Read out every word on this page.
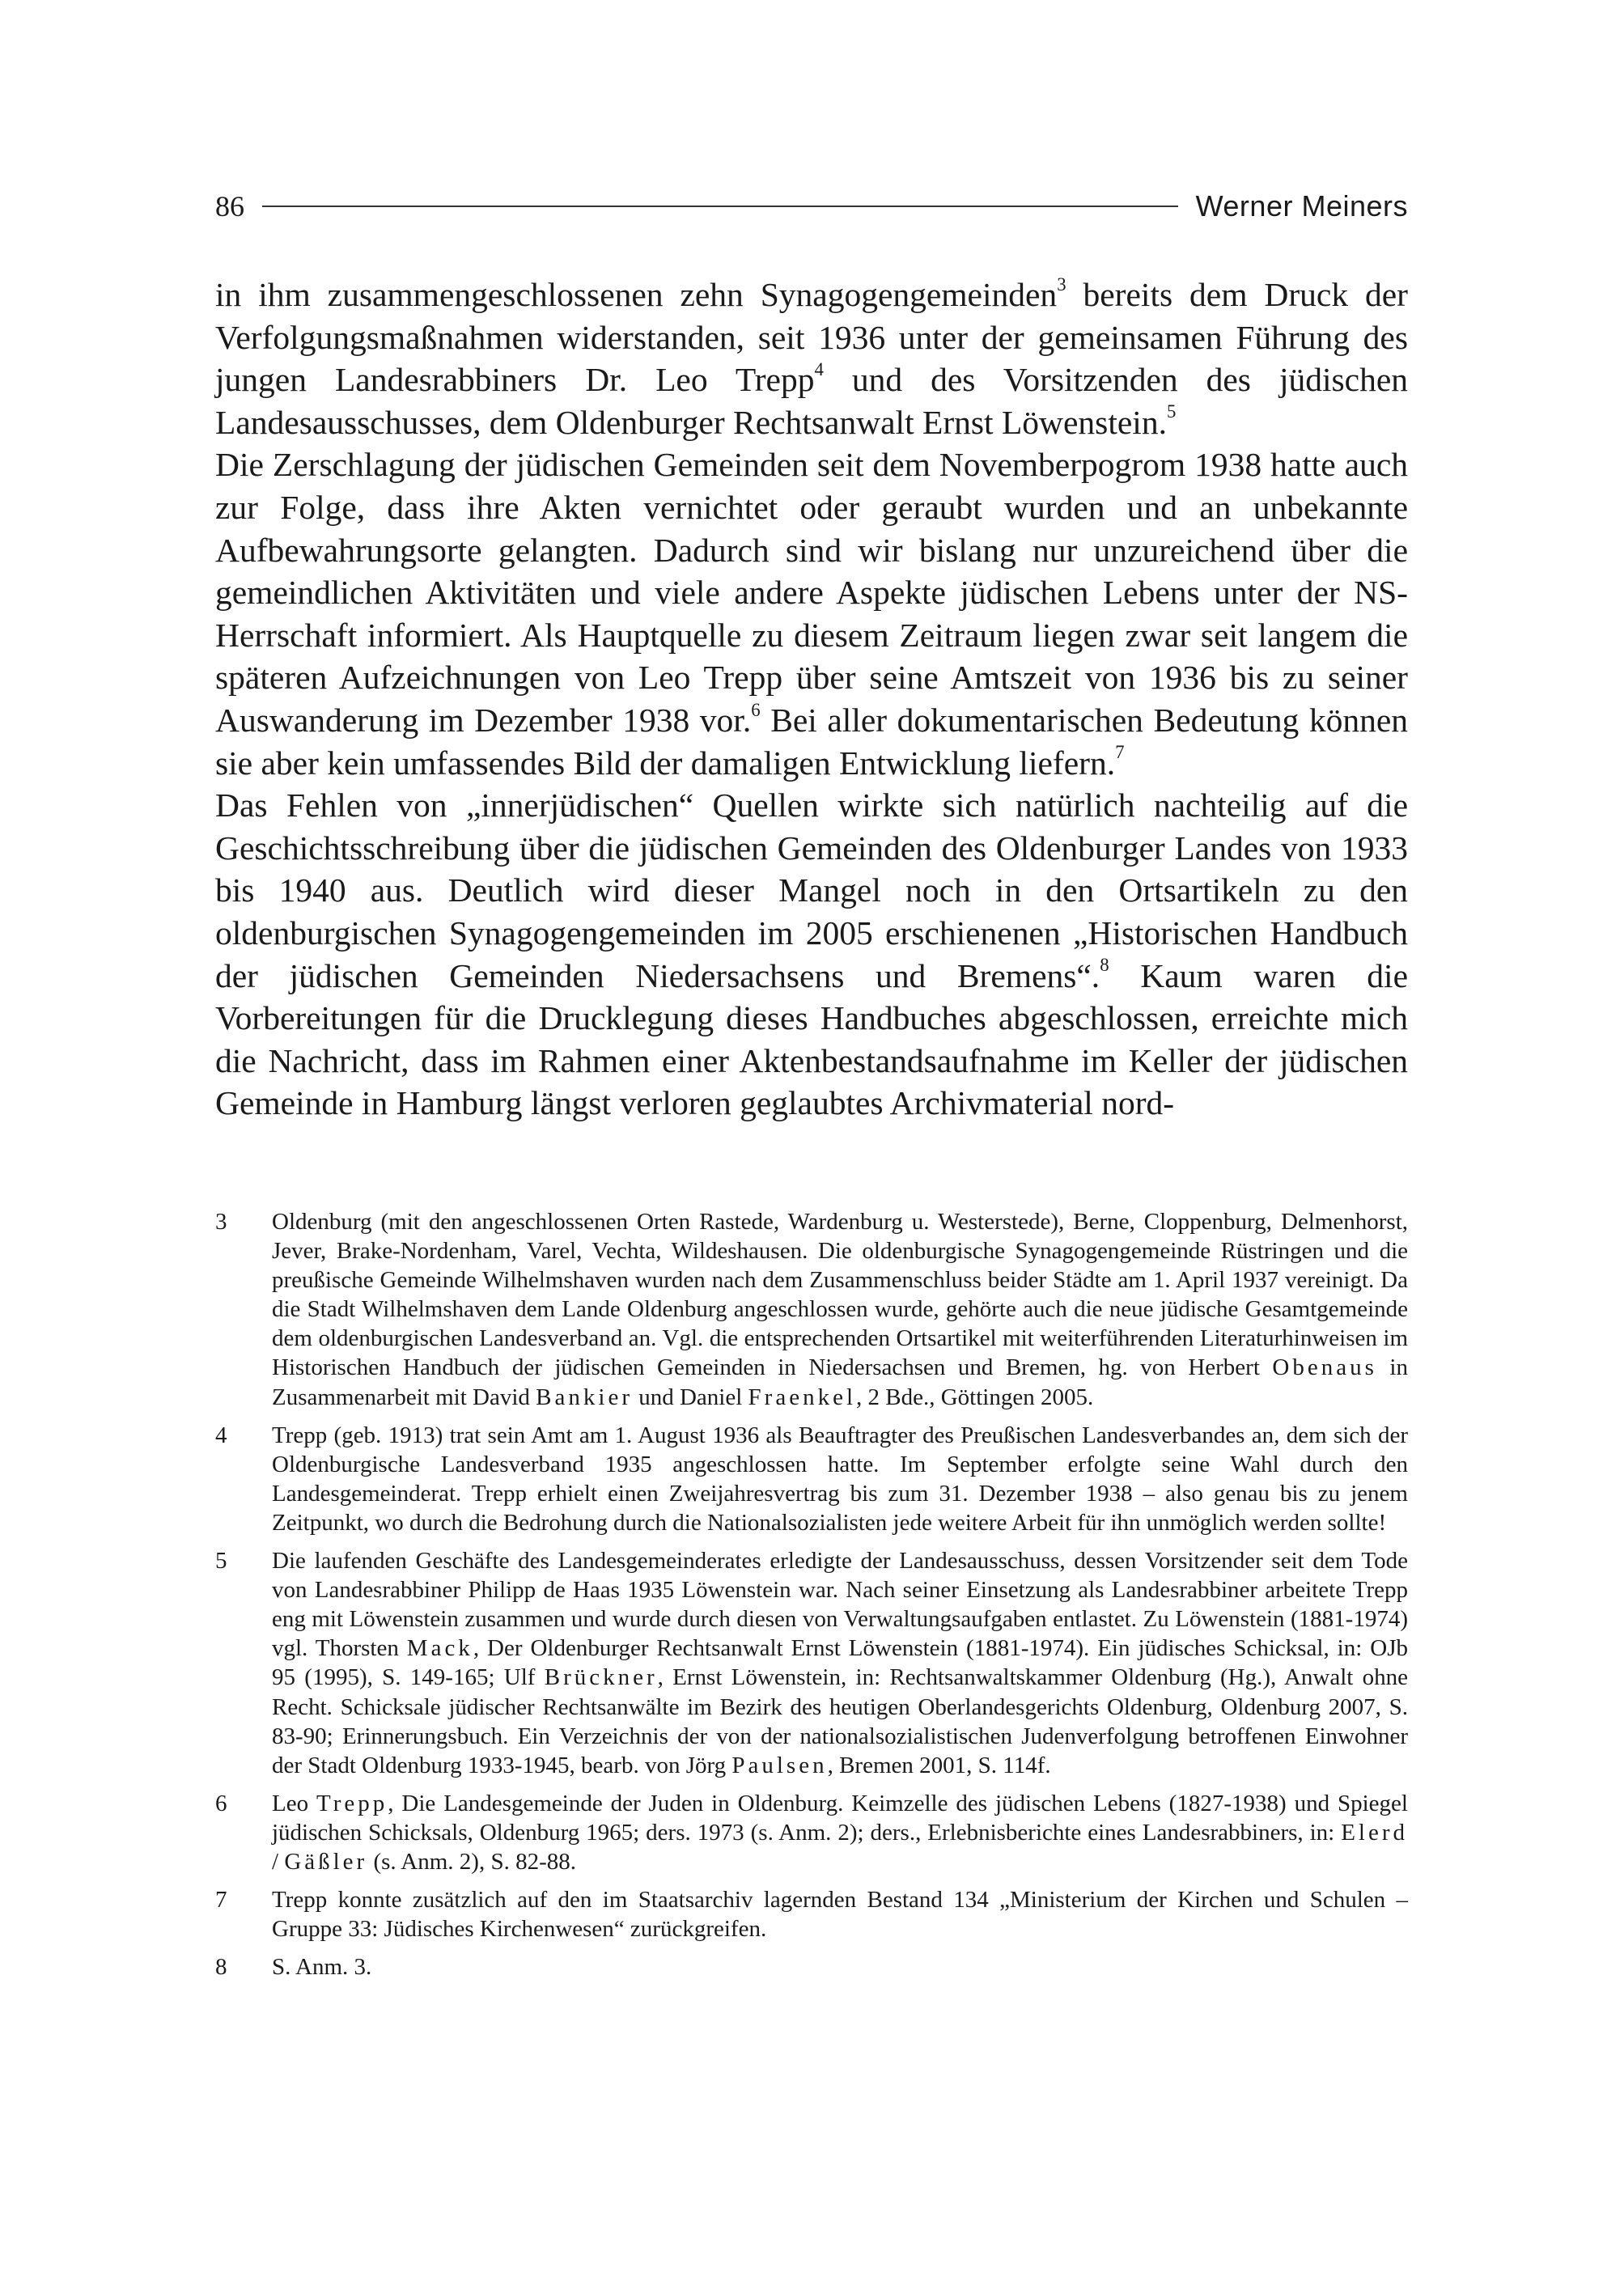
86	Werner Meiners

in ihm zusammengeschlossenen zehn Synagogengemeinden$^3$ bereits dem Druck der Verfolgungsmaßnahmen widerstanden, seit 1936 unter der gemeinsamen Führung des jungen Landesrabbiners Dr. Leo Trepp$^4$ und des Vorsitzenden des jüdischen Landesausschusses, dem Oldenburger Rechtsanwalt Ernst Löwenstein.$^5$

Die Zerschlagung der jüdischen Gemeinden seit dem Novemberpogrom 1938 hatte auch zur Folge, dass ihre Akten vernichtet oder geraubt wurden und an unbekannte Aufbewahrungsorte gelangten. Dadurch sind wir bislang nur unzureichend über die gemeindlichen Aktivitäten und viele andere Aspekte jüdischen Lebens unter der NS-Herrschaft informiert. Als Hauptquelle zu diesem Zeitraum liegen zwar seit langem die späteren Aufzeichnungen von Leo Trepp über seine Amtszeit von 1936 bis zu seiner Auswanderung im Dezember 1938 vor.$^6$ Bei aller dokumentarischen Bedeutung können sie aber kein umfassendes Bild der damaligen Entwicklung liefern.$^7$

Das Fehlen von „innerjüdischen“ Quellen wirkte sich natürlich nachteilig auf die Geschichtsschreibung über die jüdischen Gemeinden des Oldenburger Landes von 1933 bis 1940 aus. Deutlich wird dieser Mangel noch in den Ortsartikeln zu den oldenburgischen Synagogengemeinden im 2005 erschienenen „Historischen Handbuch der jüdischen Gemeinden Niedersachsens und Bremens“.$^8$ Kaum waren die Vorbereitungen für die Drucklegung dieses Handbuches abgeschlossen, erreichte mich die Nachricht, dass im Rahmen einer Aktenbestandsaufnahme im Keller der jüdischen Gemeinde in Hamburg längst verloren geglaubtes Archivmaterial nord-

3	Oldenburg (mit den angeschlossenen Orten Rastede, Wardenburg u. Westerstede), Berne, Cloppenburg, Delmenhorst, Jever, Brake-Nordenham, Varel, Vechta, Wildeshausen. Die oldenburgische Synagogengemeinde Rüstringen und die preußische Gemeinde Wilhelmshaven wurden nach dem Zusammenschluss beider Städte am 1. April 1937 vereinigt. Da die Stadt Wilhelmshaven dem Lande Oldenburg angeschlossen wurde, gehörte auch die neue jüdische Gesamtgemeinde dem oldenburgischen Landesverband an. Vgl. die entsprechenden Ortsartikel mit weiterführenden Literaturhinweisen im Historischen Handbuch der jüdischen Gemeinden in Niedersachsen und Bremen, hg. von Herbert Obenaus in Zusammenarbeit mit David Bankier und Daniel Fraenkel, 2 Bde., Göttingen 2005.
4	Trepp (geb. 1913) trat sein Amt am 1. August 1936 als Beauftragter des Preußischen Landesverbandes an, dem sich der Oldenburgische Landesverband 1935 angeschlossen hatte. Im September erfolgte seine Wahl durch den Landesgemeinderat. Trepp erhielt einen Zweijahresvertrag bis zum 31. Dezember 1938 – also genau bis zu jenem Zeitpunkt, wo durch die Bedrohung durch die Nationalsozialisten jede weitere Arbeit für ihn unmöglich werden sollte!
5	Die laufenden Geschäfte des Landesgemeinderates erledigte der Landesausschuss, dessen Vorsitzender seit dem Tode von Landesrabbiner Philipp de Haas 1935 Löwenstein war. Nach seiner Einsetzung als Landesrabbiner arbeitete Trepp eng mit Löwenstein zusammen und wurde durch diesen von Verwaltungsaufgaben entlastet. Zu Löwenstein (1881-1974) vgl. Thorsten Mack, Der Oldenburger Rechtsanwalt Ernst Löwenstein (1881-1974). Ein jüdisches Schicksal, in: OJb 95 (1995), S. 149-165; Ulf Brückner, Ernst Löwenstein, in: Rechtsanwaltskammer Oldenburg (Hg.), Anwalt ohne Recht. Schicksale jüdischer Rechtsanwälte im Bezirk des heutigen Oberlandesgerichts Oldenburg, Oldenburg 2007, S. 83-90; Erinnerungsbuch. Ein Verzeichnis der von der nationalsozialistischen Judenverfolgung betroffenen Einwohner der Stadt Oldenburg 1933-1945, bearb. von Jörg Paulsen, Bremen 2001, S. 114f.
6	Leo Trepp, Die Landesgemeinde der Juden in Oldenburg. Keimzelle des jüdischen Lebens (1827-1938) und Spiegel jüdischen Schicksals, Oldenburg 1965; ders. 1973 (s. Anm. 2); ders., Erlebnisberichte eines Landesrabbiners, in: Elerd / Gäßler (s. Anm. 2), S. 82-88.
7	Trepp konnte zusätzlich auf den im Staatsarchiv lagernden Bestand 134 „Ministerium der Kirchen und Schulen – Gruppe 33: Jüdisches Kirchenwesen“ zurückgreifen.
8	S. Anm. 3.
